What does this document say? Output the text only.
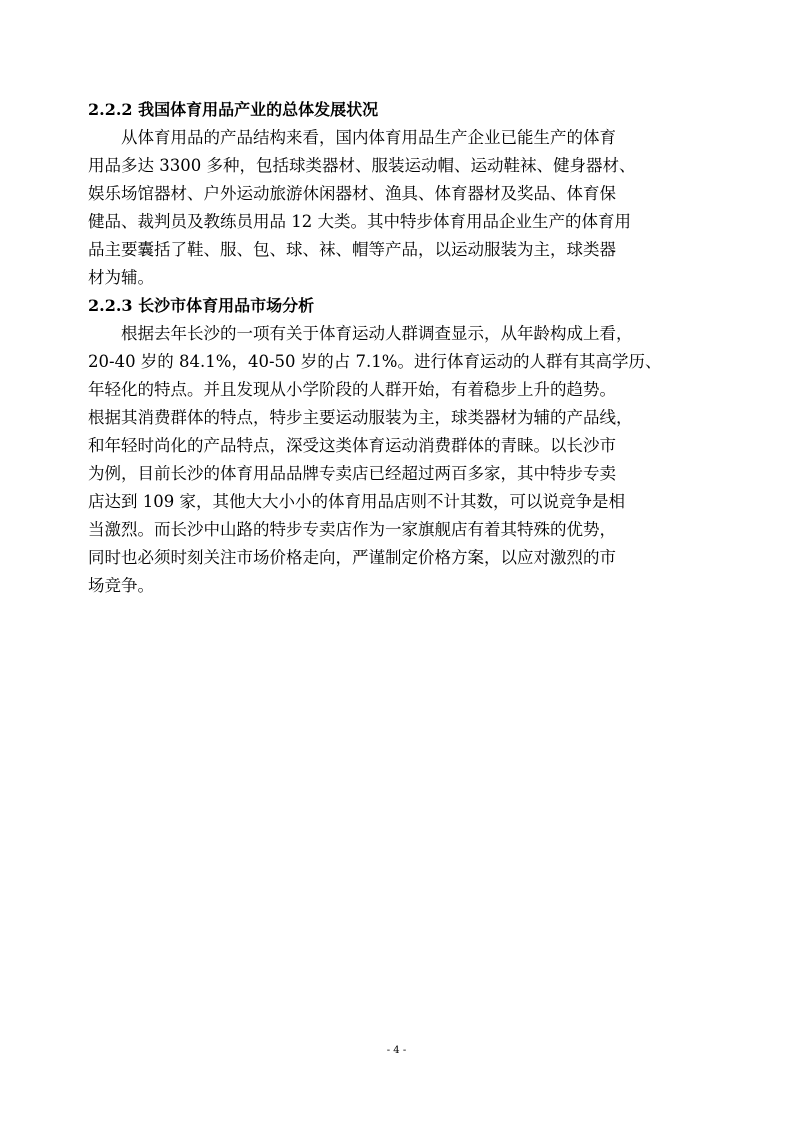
2.2.2 我国体育用品产业的总体发展状况

从体育用品的产品结构来看，国内体育用品生产企业已能生产的体育
用品多达 3300 多种，包括球类器材、服装运动帽、运动鞋袜、健身器材、
娱乐场馆器材、户外运动旅游休闲器材、渔具、体育器材及奖品、体育保
健品、裁判员及教练员用品 12 大类。其中特步体育用品企业生产的体育用
品主要囊括了鞋、服、包、球、袜、帽等产品，以运动服装为主，球类器
材为辅。

2.2.3 长沙市体育用品市场分析

根据去年长沙的一项有关于体育运动人群调查显示，从年龄构成上看，
20-40 岁的 84.1%，40-50 岁的占 7.1%。进行体育运动的人群有其高学历、
年轻化的特点。并且发现从小学阶段的人群开始，有着稳步上升的趋势。
根据其消费群体的特点，特步主要运动服装为主，球类器材为辅的产品线，
和年轻时尚化的产品特点，深受这类体育运动消费群体的青睐。以长沙市
为例，目前长沙的体育用品品牌专卖店已经超过两百多家，其中特步专卖
店达到 109 家，其他大大小小的体育用品店则不计其数，可以说竞争是相
当激烈。而长沙中山路的特步专卖店作为一家旗舰店有着其特殊的优势，
同时也必须时刻关注市场价格走向，严谨制定价格方案，以应对激烈的市
场竞争。

- 4 -
